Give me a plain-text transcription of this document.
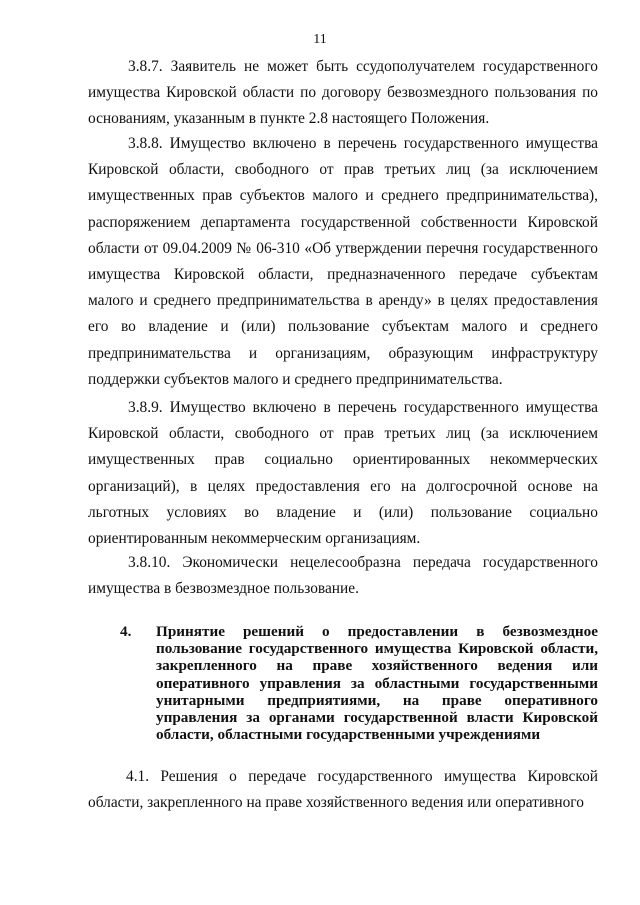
11

3.8.7. Заявитель не может быть ссудополучателем государственного имущества Кировской области по договору безвозмездного пользования по основаниям, указанным в пункте 2.8 настоящего Положения.

3.8.8. Имущество включено в перечень государственного имущества Кировской области, свободного от прав третьих лиц (за исключением имущественных прав субъектов малого и среднего предпринимательства), распоряжением департамента государственной собственности Кировской области от 09.04.2009 № 06-310 «Об утверждении перечня государственного имущества Кировской области, предназначенного передаче субъектам малого и среднего предпринимательства в аренду» в целях предоставления его во владение и (или) пользование субъектам малого и среднего предпринимательства и организациям, образующим инфраструктуру поддержки субъектов малого и среднего предпринимательства.

3.8.9. Имущество включено в перечень государственного имущества Кировской области, свободного от прав третьих лиц (за исключением имущественных прав социально ориентированных некоммерческих организаций), в целях предоставления его на долгосрочной основе на льготных условиях во владение и (или) пользование социально ориентированным некоммерческим организациям.

3.8.10. Экономически нецелесообразна передача государственного имущества в безвозмездное пользование.

4. Принятие решений о предоставлении в безвозмездное пользование государственного имущества Кировской области, закрепленного на праве хозяйственного ведения или оперативного управления за областными государственными унитарными предприятиями, на праве оперативного управления за органами государственной власти Кировской области, областными государственными учреждениями

4.1. Решения о передаче государственного имущества Кировской области, закрепленного на праве хозяйственного ведения или оперативного
